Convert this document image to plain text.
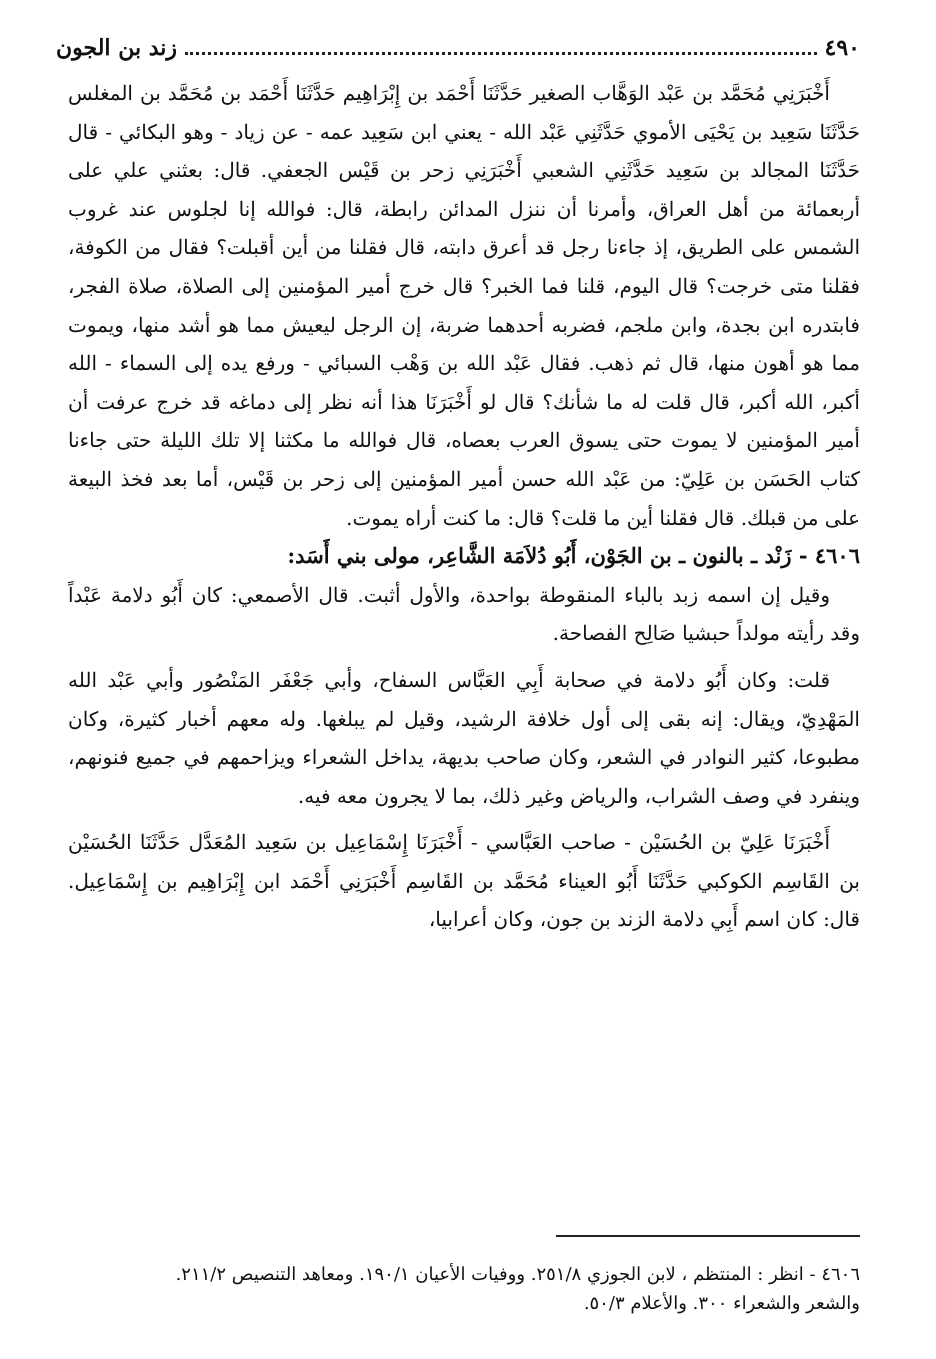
٤٩٠
زند بن الجون

أَخْبَرَنِي مُحَمَّد بن عَبْد الوَهَّاب الصغير حَدَّثَنَا أَحْمَد بن إِبْرَاهِيم حَدَّثَنَا أَحْمَد بن مُحَمَّد بن المغلس حَدَّثَنَا سَعِيد بن يَحْيَى الأموي حَدَّثَنِي عَبْد الله - يعني ابن سَعِيد عمه - عن زياد - وهو البكائي - قال حَدَّثَنَا المجالد بن سَعِيد حَدَّثَنِي الشعبي أَخْبَرَنِي زحر بن قَيْس الجعفي. قال: بعثني علي على أربعمائة من أهل العراق، وأمرنا أن ننزل المدائن رابطة، قال: فوالله إنا لجلوس عند غروب الشمس على الطريق، إذ جاءنا رجل قد أعرق دابته، قال فقلنا من أين أقبلت؟ فقال من الكوفة، فقلنا متى خرجت؟ قال اليوم، قلنا فما الخبر؟ قال خرج أمير المؤمنين إلى الصلاة، صلاة الفجر، فابتدره ابن بجدة، وابن ملجم، فضربه أحدهما ضربة، إن الرجل ليعيش مما هو أشد منها، ويموت مما هو أهون منها، قال ثم ذهب. فقال عَبْد الله بن وَهْب السبائي - ورفع يده إلى السماء - الله أكبر، الله أكبر، قال قلت له ما شأنك؟ قال لو أَخْبَرَنَا هذا أنه نظر إلى دماغه قد خرج عرفت أن أمير المؤمنين لا يموت حتى يسوق العرب بعصاه، قال فوالله ما مكثنا إلا تلك الليلة حتى جاءنا كتاب الحَسَن بن عَلِيّ: من عَبْد الله حسن أمير المؤمنين إلى زحر بن قَيْس، أما بعد فخذ البيعة على من قبلك. قال فقلنا أين ما قلت؟ قال: ما كنت أراه يموت.

٤٦٠٦ - زَنْد ـ بالنون ـ بن الجَوْن، أَبُو دُلاَمَة الشَّاعِر، مولى بني أَسَد:

وقيل إن اسمه زبد بالباء المنقوطة بواحدة، والأول أثبت. قال الأصمعي: كان أَبُو دلامة عَبْداً وقد رأيته مولداً حبشيا صَالِح الفصاحة.

قلت: وكان أَبُو دلامة في صحابة أَبِي العَبَّاس السفاح، وأبي جَعْفَر المَنْصُور وأبي عَبْد الله المَهْدِيّ، ويقال: إنه بقى إلى أول خلافة الرشيد، وقيل لم يبلغها. وله معهم أخبار كثيرة، وكان مطبوعا، كثير النوادر في الشعر، وكان صاحب بديهة، يداخل الشعراء ويزاحمهم في جميع فنونهم، وينفرد في وصف الشراب، والرياض وغير ذلك، بما لا يجرون معه فيه.

أَخْبَرَنَا عَلِيّ بن الحُسَيْن - صاحب العَبَّاسي - أَخْبَرَنَا إِسْمَاعِيل بن سَعِيد المُعَدَّل حَدَّثَنَا الحُسَيْن بن القَاسِم الكوكبي حَدَّثَنَا أَبُو العيناء مُحَمَّد بن القَاسِم أَخْبَرَنِي أَحْمَد ابن إِبْرَاهِيم بن إِسْمَاعِيل. قال: كان اسم أَبِي دلامة الزند بن جون، وكان أعرابيا،

٤٦٠٦ - انظر : المنتظم ، لابن الجوزي ٢٥١/٨. ووفيات الأعيان ١٩٠/١. ومعاهد التنصيص ٢١١/٢.

والشعر والشعراء ٣٠٠. والأعلام ٥٠/٣.
